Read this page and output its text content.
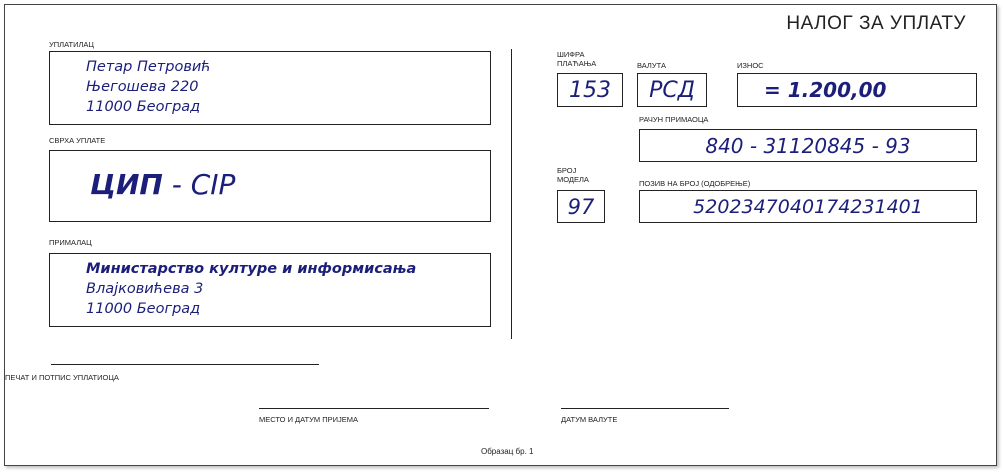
НАЛОГ ЗА УПЛАТУ
УПЛАТИЛАЦ
Петар Петровић
Његошева 220
11000 Београд
СВРХА УПЛАТЕ
ЦИП - CIP
ПРИМАЛАЦ
Министарство културе и информисања
Влајковићева 3
11000 Београд
ШИФРА
ПЛАЋАЊА
153
ВАЛУТА
РСД
ИЗНОС
= 1.200,00
РАЧУН ПРИМАОЦА
840 - 31120845 - 93
БРОЈ
МОДЕЛА
97
ПОЗИВ НА БРОЈ (ОДОБРЕЊЕ)
5202347040174231401
ПЕЧАТ И ПОТПИС УПЛАТИОЦА
МЕСТО И ДАТУМ ПРИЈЕМА	ДАТУМ ВАЛУТЕ
Образац бр. 1
